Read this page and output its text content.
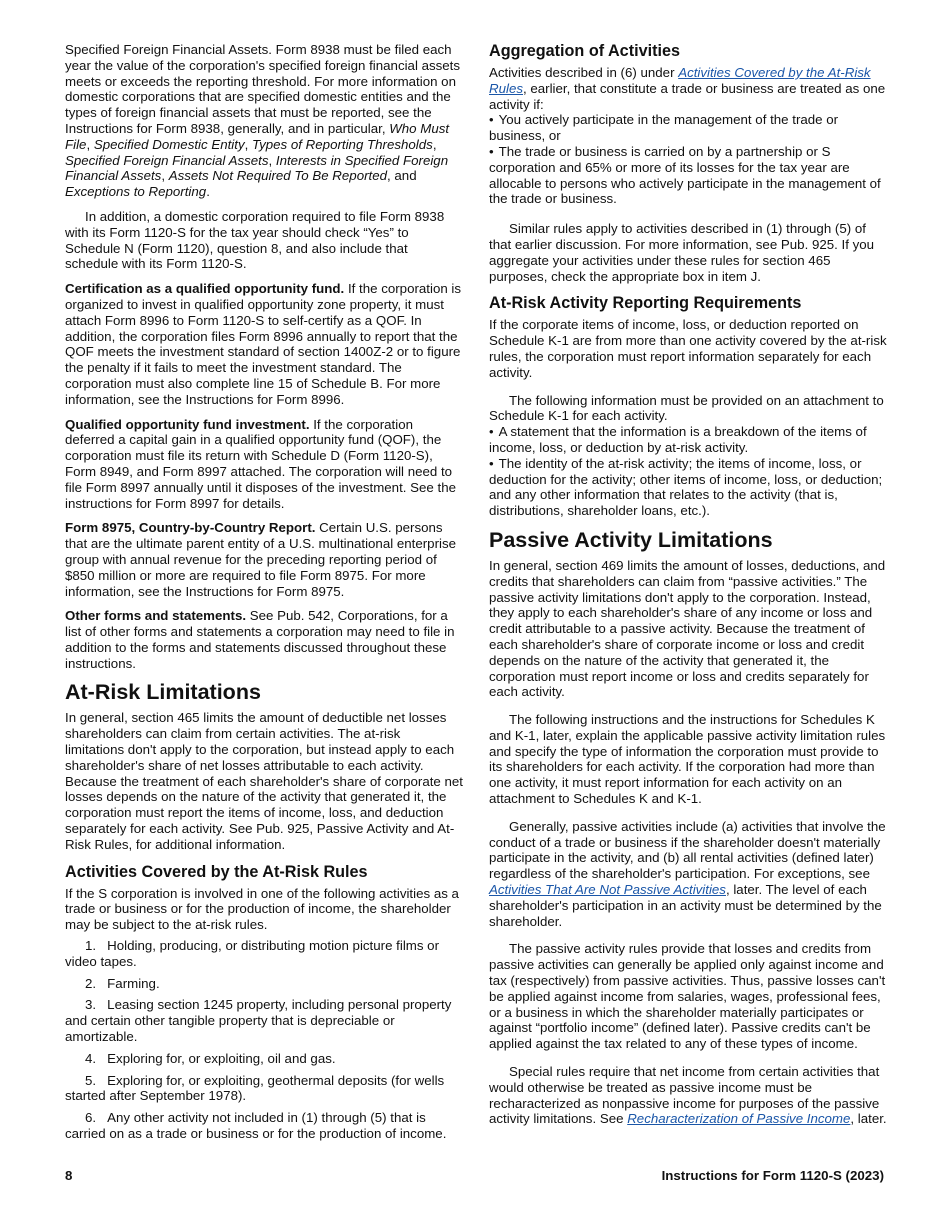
Specified Foreign Financial Assets. Form 8938 must be filed each year the value of the corporation's specified foreign financial assets meets or exceeds the reporting threshold. For more information on domestic corporations that are specified domestic entities and the types of foreign financial assets that must be reported, see the Instructions for Form 8938, generally, and in particular, Who Must File, Specified Domestic Entity, Types of Reporting Thresholds, Specified Foreign Financial Assets, Interests in Specified Foreign Financial Assets, Assets Not Required To Be Reported, and Exceptions to Reporting.

In addition, a domestic corporation required to file Form 8938 with its Form 1120-S for the tax year should check “Yes” to Schedule N (Form 1120), question 8, and also include that schedule with its Form 1120-S.

Certification as a qualified opportunity fund. If the corporation is organized to invest in qualified opportunity zone property, it must attach Form 8996 to Form 1120-S to self-certify as a QOF. In addition, the corporation files Form 8996 annually to report that the QOF meets the investment standard of section 1400Z-2 or to figure the penalty if it fails to meet the investment standard. The corporation must also complete line 15 of Schedule B. For more information, see the Instructions for Form 8996.

Qualified opportunity fund investment. If the corporation deferred a capital gain in a qualified opportunity fund (QOF), the corporation must file its return with Schedule D (Form 1120-S), Form 8949, and Form 8997 attached. The corporation will need to file Form 8997 annually until it disposes of the investment. See the instructions for Form 8997 for details.

Form 8975, Country-by-Country Report. Certain U.S. persons that are the ultimate parent entity of a U.S. multinational enterprise group with annual revenue for the preceding reporting period of $850 million or more are required to file Form 8975. For more information, see the Instructions for Form 8975.

Other forms and statements. See Pub. 542, Corporations, for a list of other forms and statements a corporation may need to file in addition to the forms and statements discussed throughout these instructions.

At-Risk Limitations

In general, section 465 limits the amount of deductible net losses shareholders can claim from certain activities. The at-risk limitations don't apply to the corporation, but instead apply to each shareholder's share of net losses attributable to each activity. Because the treatment of each shareholder's share of corporate net losses depends on the nature of the activity that generated it, the corporation must report the items of income, loss, and deduction separately for each activity. See Pub. 925, Passive Activity and At-Risk Rules, for additional information.

Activities Covered by the At-Risk Rules

If the S corporation is involved in one of the following activities as a trade or business or for the production of income, the shareholder may be subject to the at-risk rules.

1.   Holding, producing, or distributing motion picture films or video tapes.

2.   Farming.

3.   Leasing section 1245 property, including personal property and certain other tangible property that is depreciable or amortizable.

4.   Exploring for, or exploiting, oil and gas.

5.   Exploring for, or exploiting, geothermal deposits (for wells started after September 1978).

6.   Any other activity not included in (1) through (5) that is carried on as a trade or business or for the production of income.

Aggregation of Activities

Activities described in (6) under Activities Covered by the At-Risk Rules, earlier, that constitute a trade or business are treated as one activity if:

• You actively participate in the management of the trade or business, or

• The trade or business is carried on by a partnership or S corporation and 65% or more of its losses for the tax year are allocable to persons who actively participate in the management of the trade or business.

Similar rules apply to activities described in (1) through (5) of that earlier discussion. For more information, see Pub. 925. If you aggregate your activities under these rules for section 465 purposes, check the appropriate box in item J.

At-Risk Activity Reporting Requirements

If the corporate items of income, loss, or deduction reported on Schedule K-1 are from more than one activity covered by the at-risk rules, the corporation must report information separately for each activity.

The following information must be provided on an attachment to Schedule K-1 for each activity.

• A statement that the information is a breakdown of the items of income, loss, or deduction by at-risk activity.

• The identity of the at-risk activity; the items of income, loss, or deduction for the activity; other items of income, loss, or deduction; and any other information that relates to the activity (that is, distributions, shareholder loans, etc.).

Passive Activity Limitations

In general, section 469 limits the amount of losses, deductions, and credits that shareholders can claim from “passive activities.” The passive activity limitations don't apply to the corporation. Instead, they apply to each shareholder's share of any income or loss and credit attributable to a passive activity. Because the treatment of each shareholder's share of corporate income or loss and credit depends on the nature of the activity that generated it, the corporation must report income or loss and credits separately for each activity.

The following instructions and the instructions for Schedules K and K-1, later, explain the applicable passive activity limitation rules and specify the type of information the corporation must provide to its shareholders for each activity. If the corporation had more than one activity, it must report information for each activity on an attachment to Schedules K and K-1.

Generally, passive activities include (a) activities that involve the conduct of a trade or business if the shareholder doesn't materially participate in the activity, and (b) all rental activities (defined later) regardless of the shareholder's participation. For exceptions, see Activities That Are Not Passive Activities, later. The level of each shareholder's participation in an activity must be determined by the shareholder.

The passive activity rules provide that losses and credits from passive activities can generally be applied only against income and tax (respectively) from passive activities. Thus, passive losses can't be applied against income from salaries, wages, professional fees, or a business in which the shareholder materially participates or against “portfolio income” (defined later). Passive credits can't be applied against the tax related to any of these types of income.

Special rules require that net income from certain activities that would otherwise be treated as passive income must be recharacterized as nonpassive income for purposes of the passive activity limitations. See Recharacterization of Passive Income, later.

8	Instructions for Form 1120-S (2023)
